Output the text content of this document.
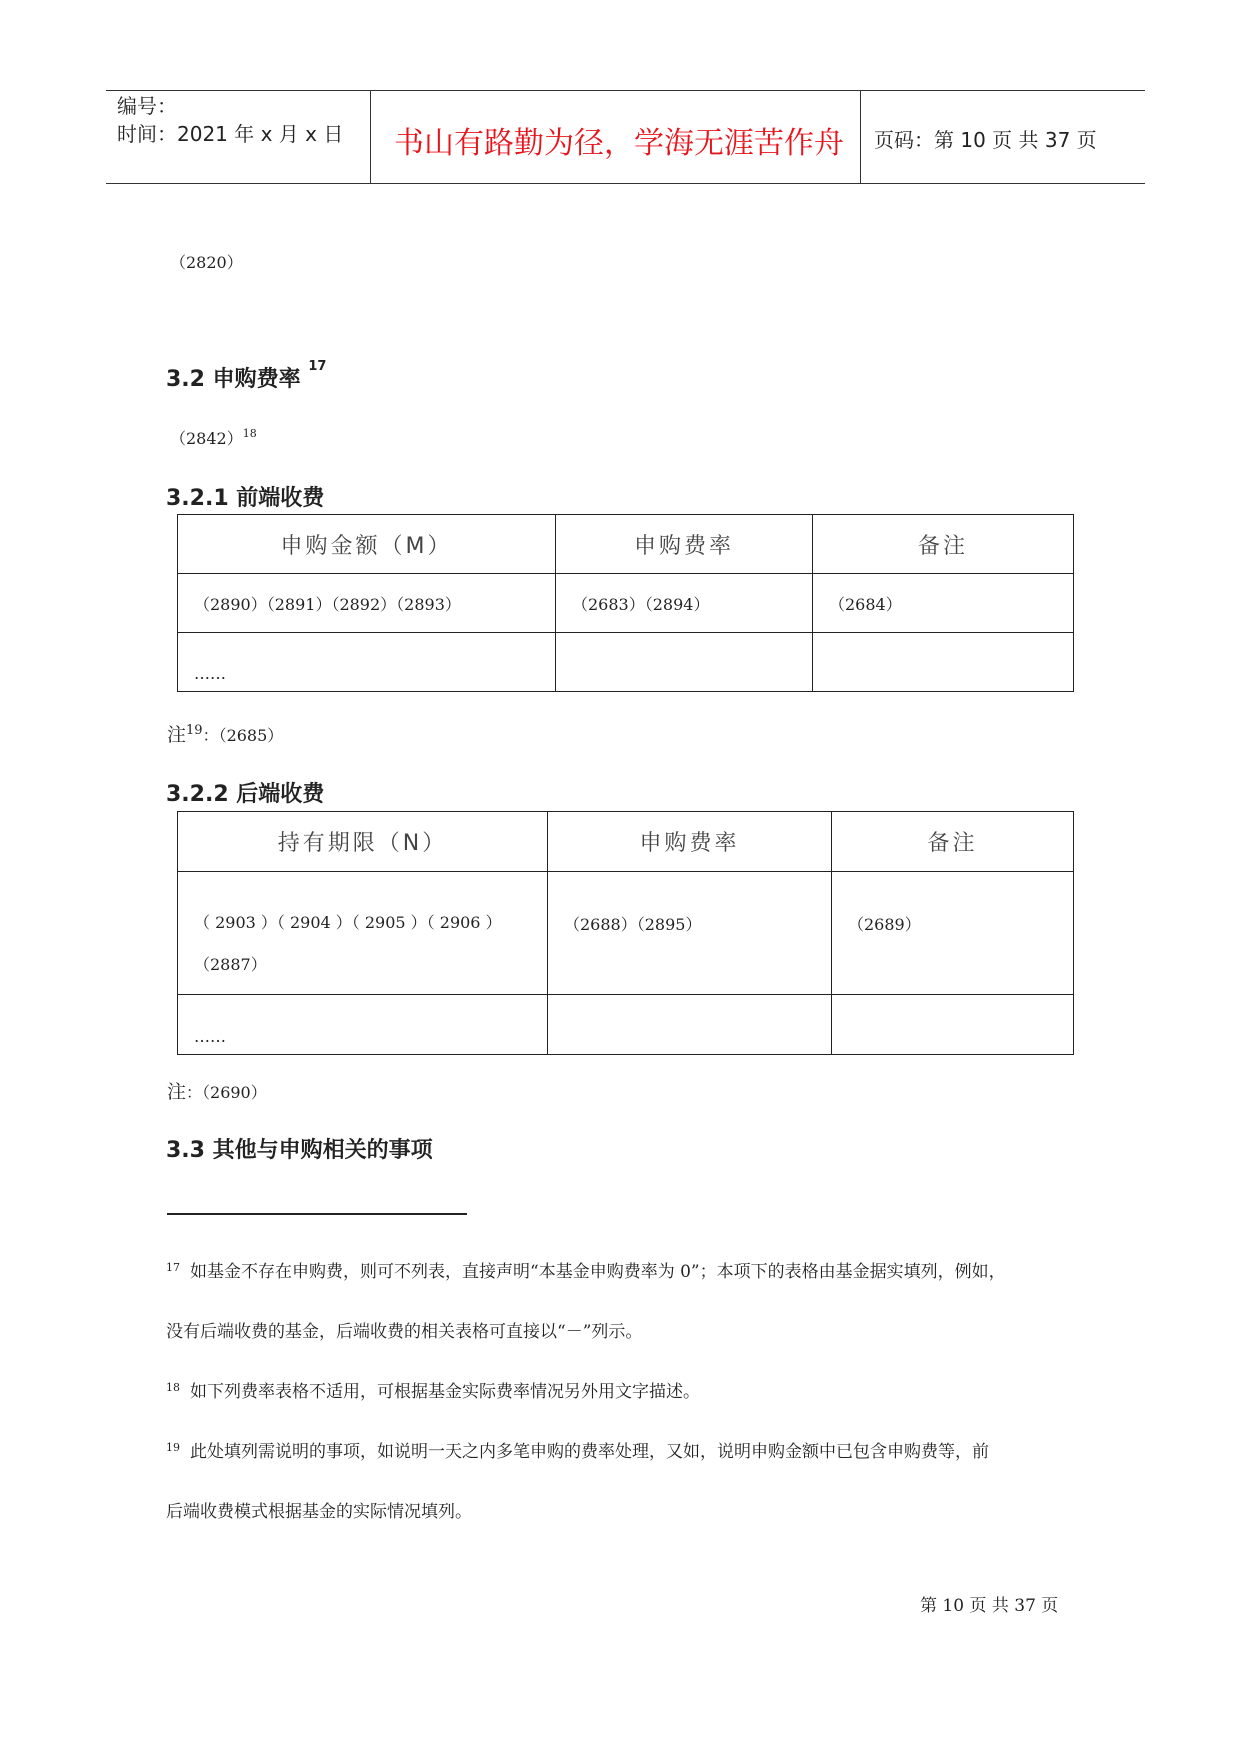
编号：
时间：2021 年 x 月 x 日 书山有路勤为径，学海无涯苦作舟 页码：第 10 页 共 37 页
（2820）
3.2 申购费率 $^{17}$
$(2842)^{18}$
3.2.1 前端收费
申购金额（M）	申购费率	备注
（2890）（2891）（2892）（2893）	（2683）（2894）	（2684）
……		
注$^{19}$：（2685）
3.2.2 后端收费
持有期限（N）	申购费率	备注

（ 2903 ）（ 2904 ）（ 2905 ）（ 2906 ）
（2887）	（2688）（2895）	（2689）
……		
注：（2690）
3.3 其他与申购相关的事项
$^{17}$ 如基金不存在申购费，则可不列表，直接声明“本基金申购费率为 0”；本项下的表格由基金据实填列，例如，
没有后端收费的基金，后端收费的相关表格可直接以“－”列示。
$^{18}$ 如下列费率表格不适用，可根据基金实际费率情况另外用文字描述。
$^{19}$ 此处填列需说明的事项，如说明一天之内多笔申购的费率处理，又如，说明申购金额中已包含申购费等，前
后端收费模式根据基金的实际情况填列。
第 10 页 共 37 页
